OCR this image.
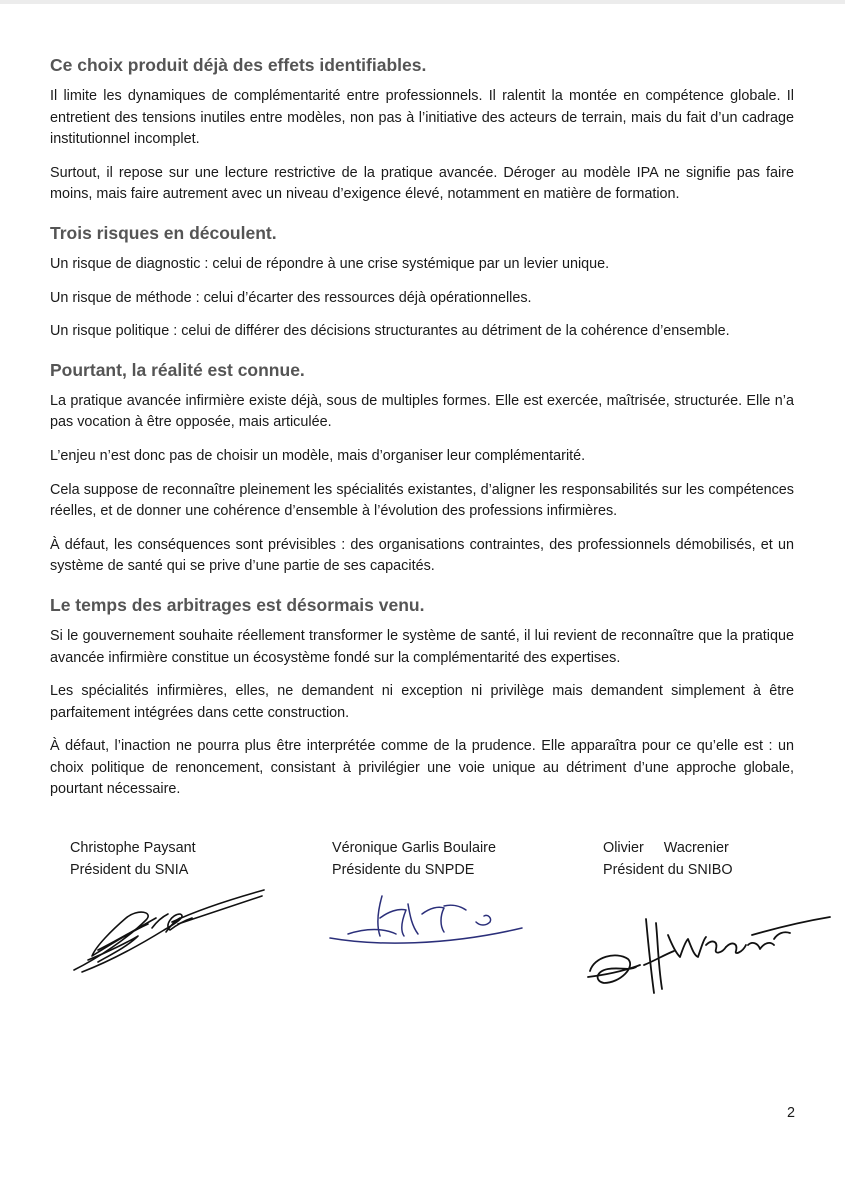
Ce choix produit déjà des effets identifiables.

Il limite les dynamiques de complémentarité entre professionnels. Il ralentit la montée en compétence globale. Il entretient des tensions inutiles entre modèles, non pas à l’initiative des acteurs de terrain, mais du fait d’un cadrage institutionnel incomplet.

Surtout, il repose sur une lecture restrictive de la pratique avancée. Déroger au modèle IPA ne signifie pas faire moins, mais faire autrement avec un niveau d’exigence élevé, notamment en matière de formation.

Trois risques en découlent.

Un risque de diagnostic : celui de répondre à une crise systémique par un levier unique.

Un risque de méthode : celui d’écarter des ressources déjà opérationnelles.

Un risque politique : celui de différer des décisions structurantes au détriment de la cohérence d’ensemble.

Pourtant, la réalité est connue.

La pratique avancée infirmière existe déjà, sous de multiples formes. Elle est exercée, maîtrisée, structurée. Elle n’a pas vocation à être opposée, mais articulée.

L’enjeu n’est donc pas de choisir un modèle, mais d’organiser leur complémentarité.

Cela suppose de reconnaître pleinement les spécialités existantes, d’aligner les responsabilités sur les compétences réelles, et de donner une cohérence d’ensemble à l’évolution des professions infirmières.

À défaut, les conséquences sont prévisibles : des organisations contraintes, des professionnels démobilisés, et un système de santé qui se prive d’une partie de ses capacités.

Le temps des arbitrages est désormais venu.

Si le gouvernement souhaite réellement transformer le système de santé, il lui revient de reconnaître que la pratique avancée infirmière constitue un écosystème fondé sur la complémentarité des expertises.

Les spécialités infirmières, elles, ne demandent ni exception ni privilège mais demandent simplement à être parfaitement intégrées dans cette construction.

À défaut, l’inaction ne pourra plus être interprétée comme de la prudence. Elle apparaîtra pour ce qu’elle est : un choix politique de renoncement, consistant à privilégier une voie unique au détriment d’une approche globale, pourtant nécessaire.

Christophe Paysant
Président du SNIA
Véronique Garlis Boulaire
Présidente du SNPDE
Olivier     Wacrenier
Président du SNIBO
2
